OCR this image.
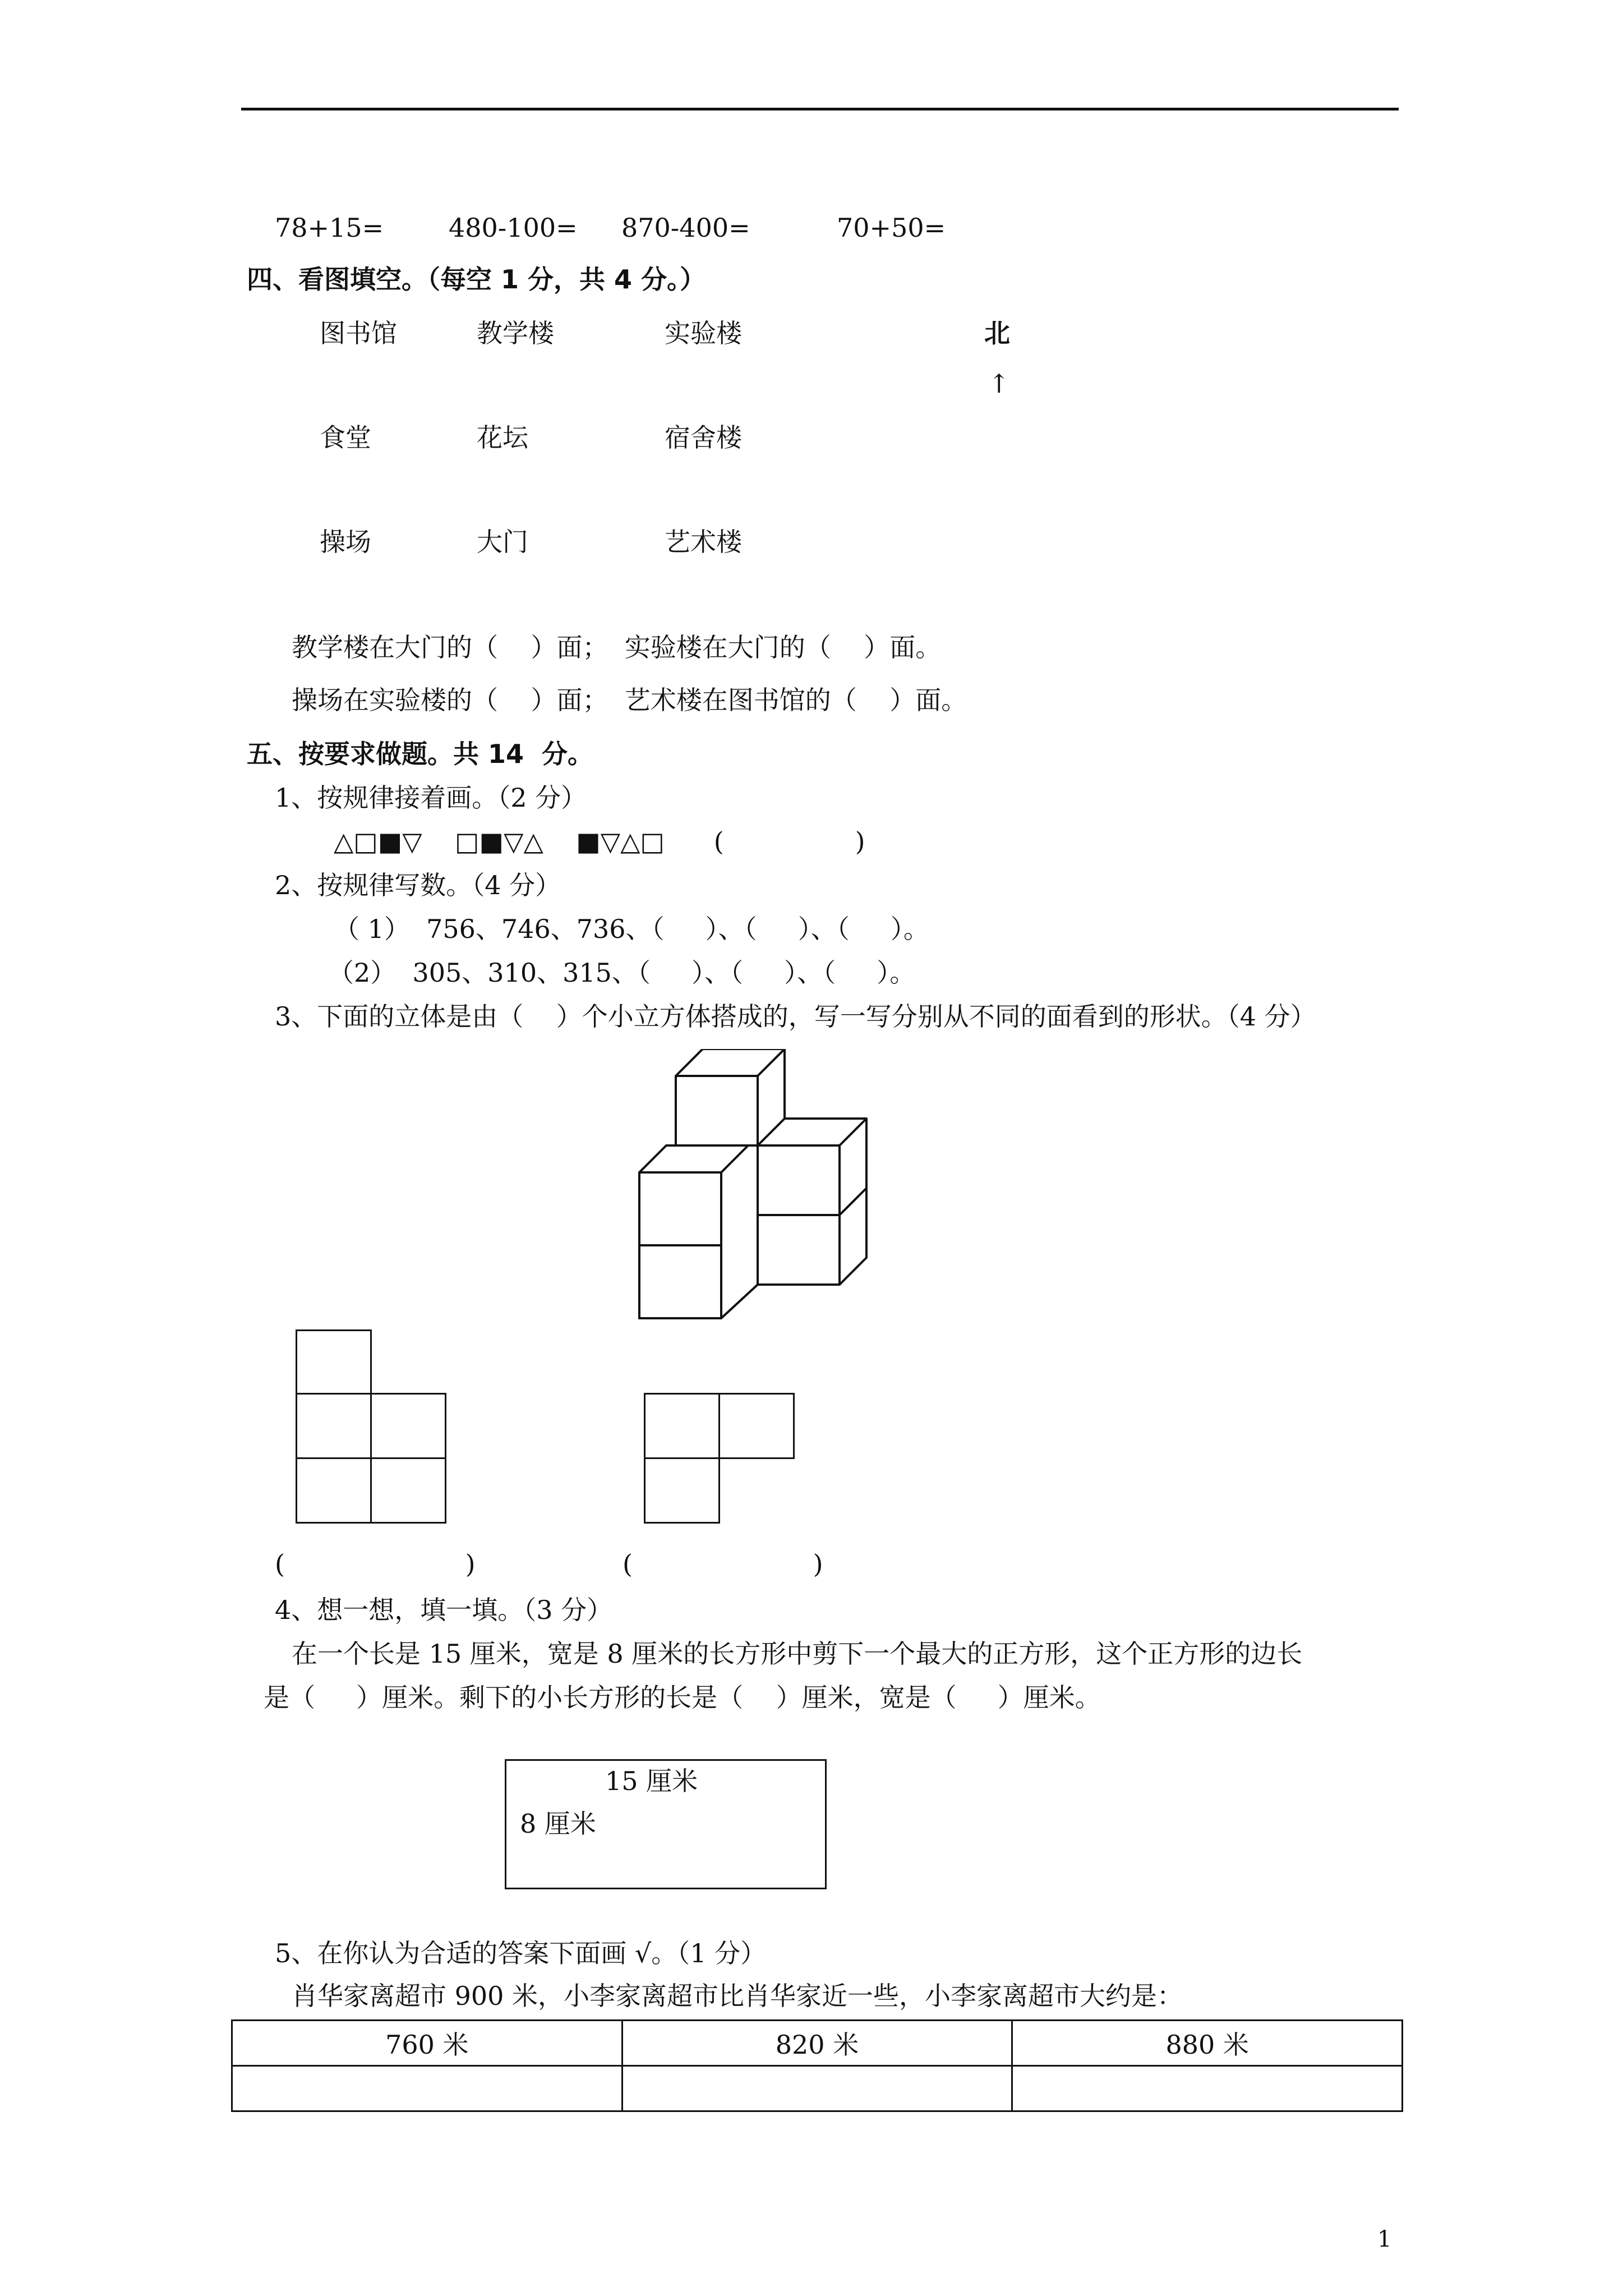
78+15=	480-100= 870-400=	70+50=
四、看图填空。（每空 1 分，共 4 分。）
图书馆	教学楼	实验楼	北
↑
食堂	花坛	宿舍楼
操场	大门	艺术楼
教学楼在大门的（    ）面；  实验楼在大门的（    ）面。
操场在实验楼的（    ）面；  艺术楼在图书馆的（    ）面。
五、按要求做题。共 14  分。
1、按规律接着画。（2 分）
△□■▽    □■▽△    ■▽△□      (                )
2、按规律写数。（4 分）
（ 1）  756、746、736、（     ）、（     ）、（     ）。
（2）  305、310、315、（     ）、（     ）、（     ）。
3、下面的立体是由（    ）个小立方体搭成的，写一写分别从不同的面看到的形状。（4 分）
(                      )	(                      )
4、想一想，填一填。（3 分）
在一个长是 15 厘米，宽是 8 厘米的长方形中剪下一个最大的正方形，这个正方形的边长
是（     ）厘米。剩下的小长方形的长是（    ）厘米，宽是（     ）厘米。
15 厘米
8 厘米
5、在你认为合适的答案下面画 √。（1 分）
肖华家离超市 900 米，小李家离超市比肖华家近一些，小李家离超市大约是：
760 米	820 米	880 米

1
